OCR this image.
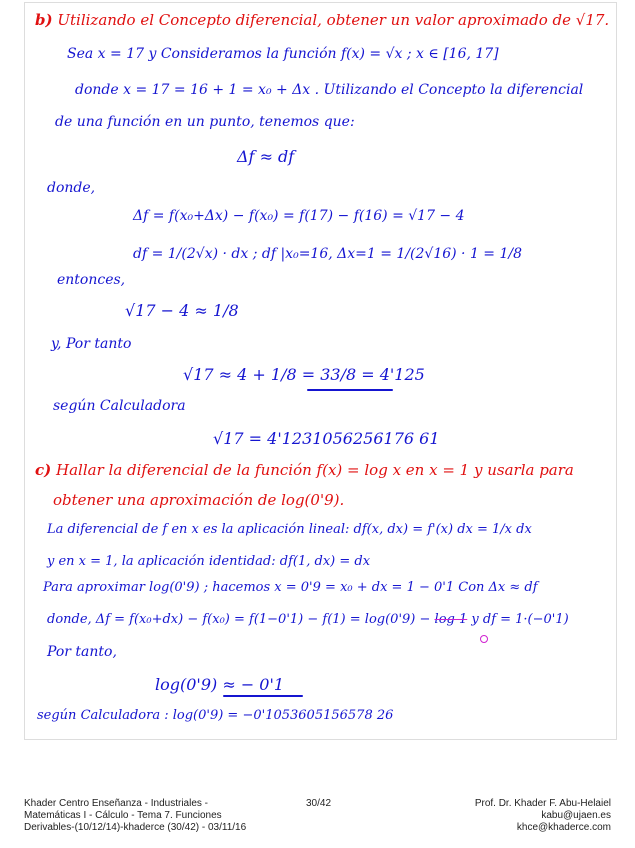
b) Utilizando el Concepto diferencial, obtener un valor aproximado de √17.
Sea x = 17 y Consideramos la función f(x) = √x ; x ∈ [16, 17]
donde x = 17 = 16 + 1 = x₀ + Δx . Utilizando el Concepto la diferencial
de una función en un punto, tenemos que:
Δf ≈ df
donde,
Δf = f(x₀+Δx) − f(x₀) = f(17) − f(16) = √17 − 4
df = 1/(2√x) · dx ; df |x₀=16, Δx=1 = 1/(2√16) · 1 = 1/8
entonces,
√17 − 4 ≈ 1/8
y, Por tanto
√17 ≈ 4 + 1/8 = 33/8 = 4'125
según Calculadora
√17 = 4'1231056256176 61
c) Hallar la diferencial de la función f(x) = log x en x = 1 y usarla para
obtener una aproximación de log(0'9).
La diferencial de f en x es la aplicación lineal: df(x, dx) = f'(x) dx = 1/x dx
y en x = 1, la aplicación identidad: df(1, dx) = dx
Para aproximar log(0'9) ; hacemos x = 0'9 = x₀ + dx = 1 − 0'1 Con Δx ≈ df
donde, Δf = f(x₀+dx) − f(x₀) = f(1−0'1) − f(1) = log(0'9) − log 1 y df = 1·(−0'1)
Por tanto,
log(0'9) ≈ − 0'1
según Calculadora : log(0'9) = −0'1053605156578 26
Khader Centro Enseñanza - Industriales -
Matemáticas I - Cálculo - Tema 7. Funciones
Derivables-(10/12/14)-khaderce (30/42) - 03/11/16
30/42	Prof. Dr. Khader F. Abu-Helaiel
kabu@ujaen.es
khce@khaderce.com
